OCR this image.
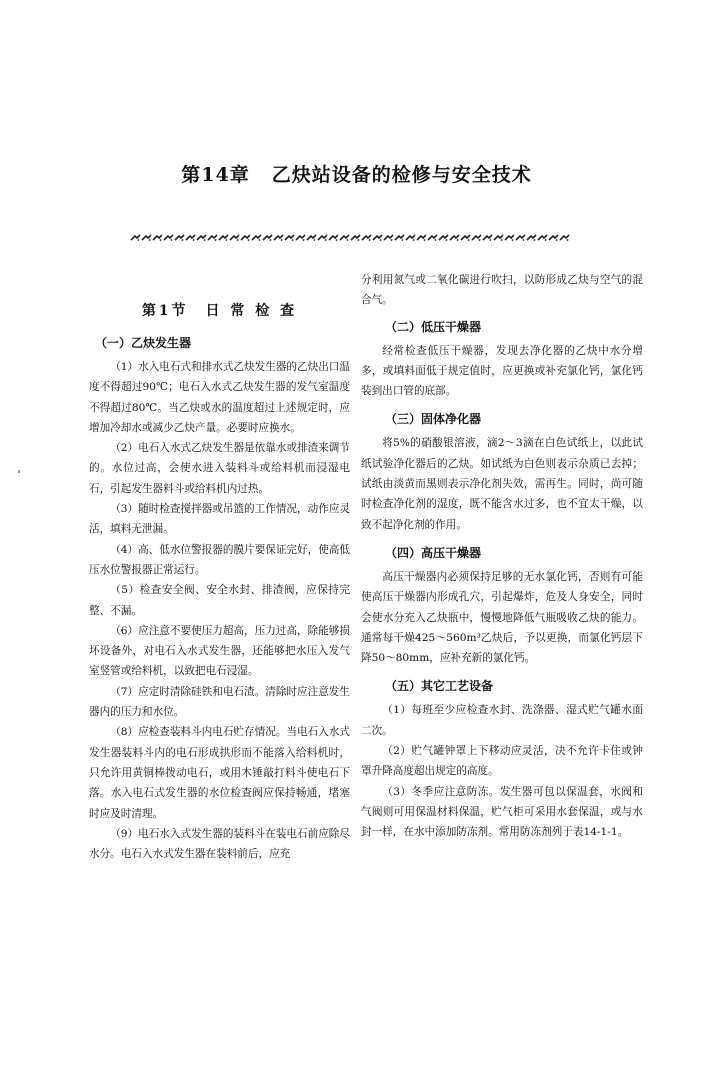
第14章 乙炔站设备的检修与安全技术
第1节　日 常 检 查
（一）乙炔发生器

（1）水入电石式和排水式乙炔发生器的乙炔出口温度不得超过90℃；电石入水式乙炔发生器的发气室温度不得超过80℃。当乙炔或水的温度超过上述规定时，应增加冷却水或减少乙炔产量。必要时应换水。

（2）电石入水式乙炔发生器是依靠水或排渣来调节的。水位过高，会使水进入装料斗或给料机而浸湿电石，引起发生器料斗或给料机内过热。

（3）随时检查搅拌器或吊篮的工作情况，动作应灵活，填料无泄漏。

（4）高、低水位警报器的膜片要保证完好，使高低压水位警报器正常运行。

（5）检查安全阀、安全水封、排渣阀，应保持完整、不漏。

（6）应注意不要使压力超高，压力过高，除能够损坏设备外，对电石入水式发生器，还能够把水压入发气室竖管或给料机，以致把电石浸湿。

（7）应定时清除硅铁和电石渣。清除时应注意发生器内的压力和水位。

（8）应检查装料斗内电石贮存情况。当电石入水式发生器装料斗内的电石形成拱形而不能落入给料机时，只允许用黄铜棒拨动电石，或用木锤敲打料斗使电石下落。水入电石式发生器的水位检查阀应保持畅通，堵塞时应及时清理。

（9）电石水入式发生器的装料斗在装电石前应除尽水分。电石入水式发生器在装料前后，应充

分利用氮气或二氧化碳进行吹扫，以防形成乙炔与空气的混合气。

（二）低压干燥器

经常检查低压干燥器，发现去净化器的乙炔中水分增多，或填料面低于规定值时，应更换或补充氯化钙，氯化钙装到出口管的底部。

（三）固体净化器

将5%的硝酸银溶液，滴2～3滴在白色试纸上，以此试纸试验净化器后的乙炔。如试纸为白色则表示杂质已去掉；试纸由淡黄而黑则表示净化剂失效，需再生。同时，尚可随时检查净化剂的湿度，既不能含水过多，也不宜太干燥，以致不起净化剂的作用。

（四）高压干燥器

高压干燥器内必须保持足够的无水氯化钙，否则有可能使高压干燥器内形成孔穴，引起爆炸，危及人身安全，同时会使水分充入乙炔瓶中，慢慢地降低气瓶吸收乙炔的能力。通常每干燥425～560m³乙炔后，予以更换，而氯化钙层下降50～80mm，应补充新的氯化钙。

（五）其它工艺设备

（1）每班至少应检查水封、洗涤器、湿式贮气罐水面二次。

（2）贮气罐钟罩上下移动应灵活，决不允许卡住或钟罩升降高度超出规定的高度。

（3）冬季应注意防冻。发生器可包以保温套，水阀和气阀则可用保温材料保温，贮气柜可采用水套保温，或与水封一样，在水中添加防冻剂。常用防冻剂列于表14-1-1。
